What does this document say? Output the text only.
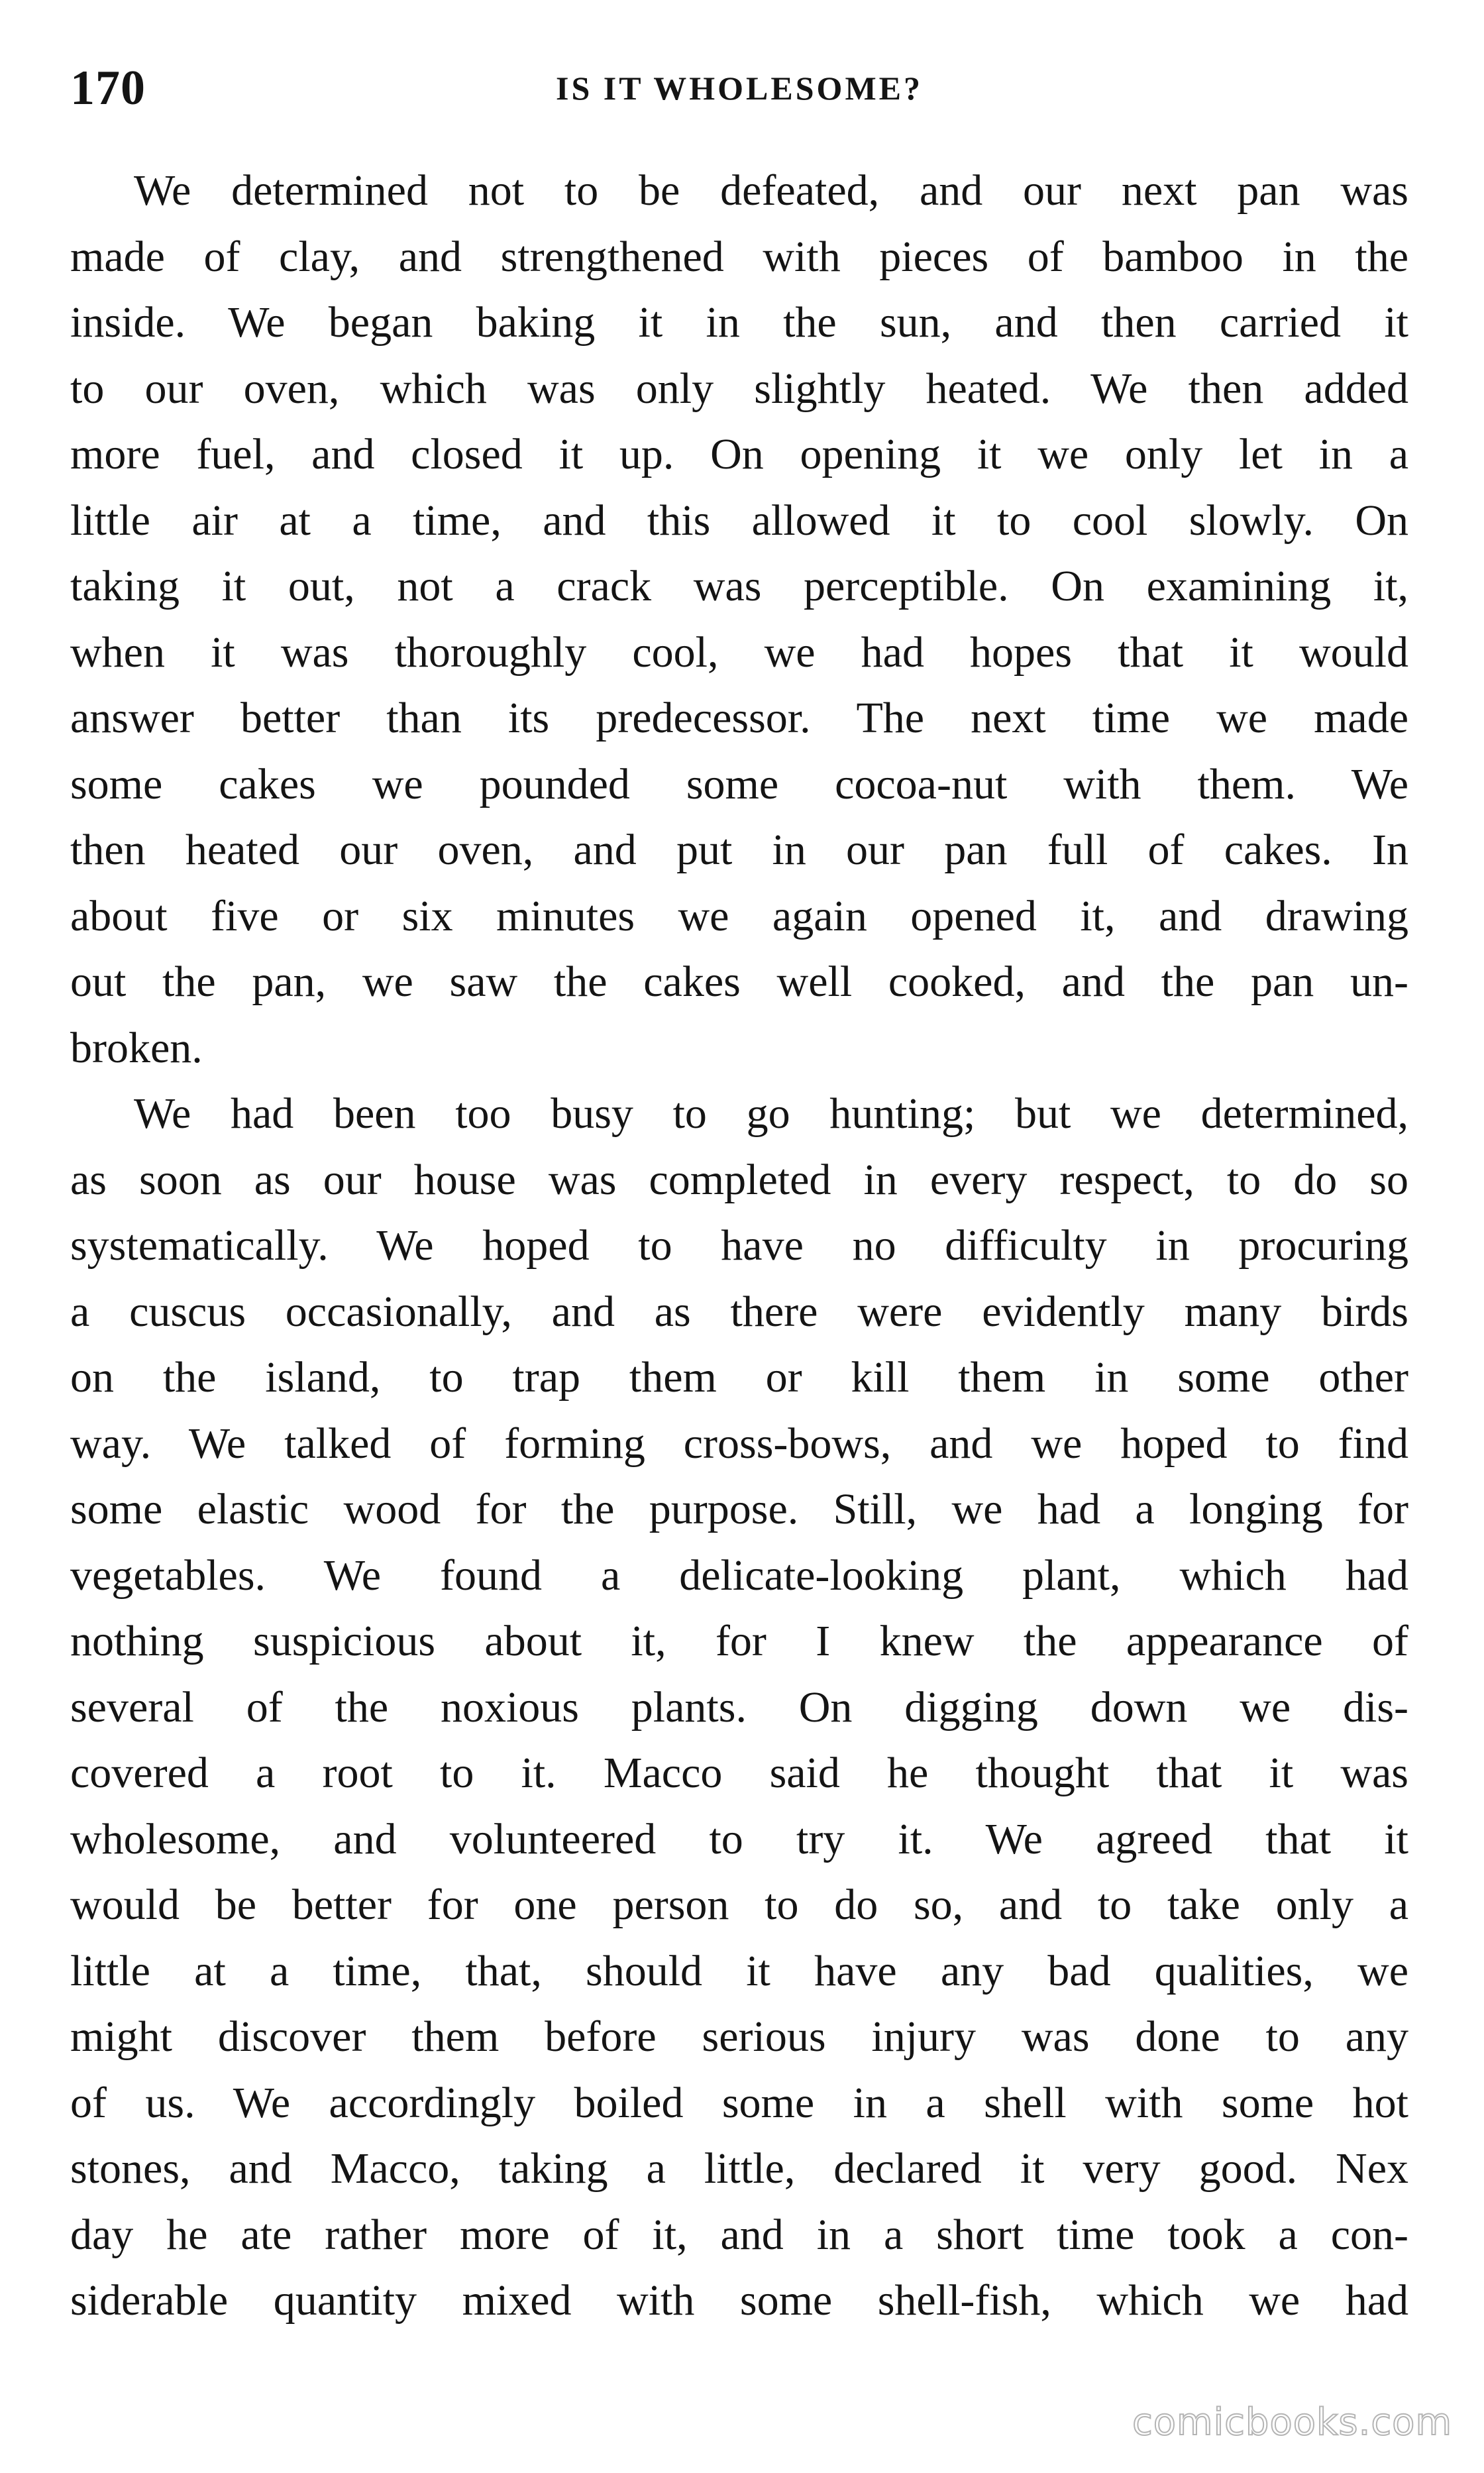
170	IS IT WHOLESOME?

We determined not to be defeated, and our next pan was
made of clay, and strengthened with pieces of bamboo in the
inside. We began baking it in the sun, and then carried it
to our oven, which was only slightly heated. We then added
more fuel, and closed it up. On opening it we only let in a
little air at a time, and this allowed it to cool slowly. On
taking it out, not a crack was perceptible. On examining it,
when it was thoroughly cool, we had hopes that it would
answer better than its predecessor. The next time we made
some cakes we pounded some cocoa-nut with them. We
then heated our oven, and put in our pan full of cakes. In
about five or six minutes we again opened it, and drawing
out the pan, we saw the cakes well cooked, and the pan un-
broken.

We had been too busy to go hunting; but we determined,
as soon as our house was completed in every respect, to do so
systematically. We hoped to have no difficulty in procuring
a cuscus occasionally, and as there were evidently many birds
on the island, to trap them or kill them in some other
way. We talked of forming cross-bows, and we hoped to find
some elastic wood for the purpose. Still, we had a longing for
vegetables. We found a delicate-looking plant, which had
nothing suspicious about it, for I knew the appearance of
several of the noxious plants. On digging down we dis-
covered a root to it. Macco said he thought that it was
wholesome, and volunteered to try it. We agreed that it
would be better for one person to do so, and to take only a
little at a time, that, should it have any bad qualities, we
might discover them before serious injury was done to any
of us. We accordingly boiled some in a shell with some hot
stones, and Macco, taking a little, declared it very good. Nex
day he ate rather more of it, and in a short time took a con-
siderable quantity mixed with some shell-fish, which we had

comicbooks.com
